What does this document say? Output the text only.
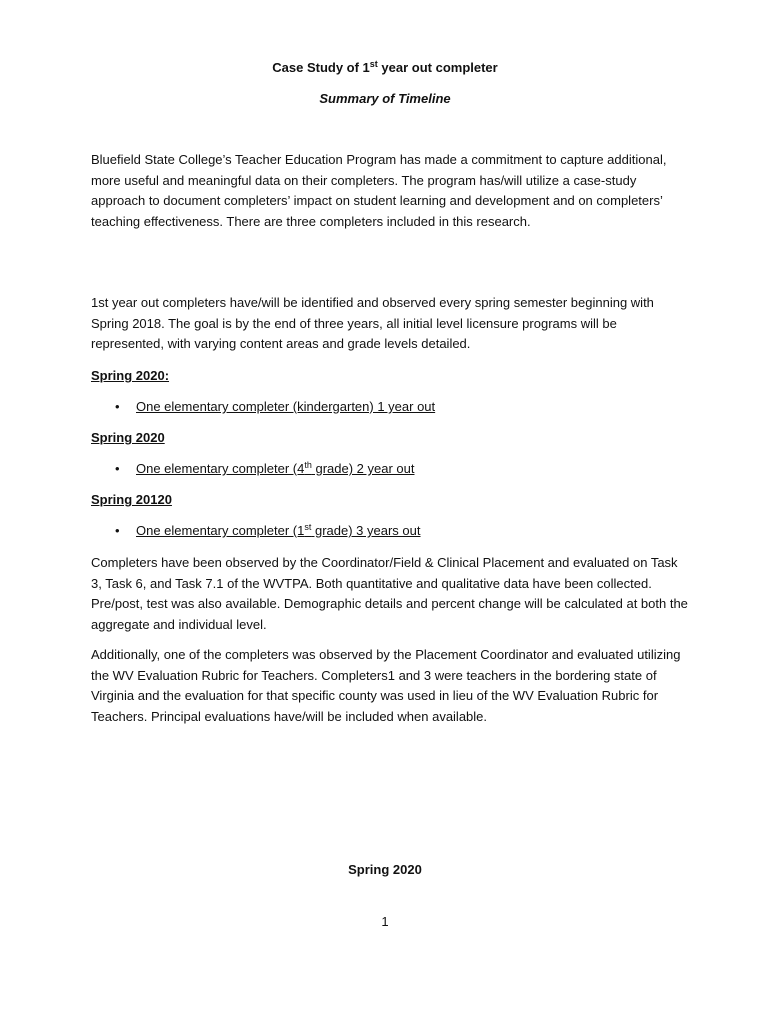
Case Study of 1st year out completer
Summary of Timeline
Bluefield State College’s Teacher Education Program has made a commitment to capture additional, more useful and meaningful data on their completers. The program has/will utilize a case-study approach to document completers’ impact on student learning and development and on completers’ teaching effectiveness. There are three completers included in this research.
1st year out completers have/will be identified and observed every spring semester beginning with Spring 2018. The goal is by the end of three years, all initial level licensure programs will be represented, with varying content areas and grade levels detailed.
Spring 2020:
• One elementary completer (kindergarten) 1 year out
Spring 2020
• One elementary completer (4th grade) 2 year out
Spring 20120
• One elementary completer (1st grade) 3 years out
Completers have been observed by the Coordinator/Field & Clinical Placement and evaluated on Task 3, Task 6, and Task 7.1 of the WVTPA. Both quantitative and qualitative data have been collected. Pre/post, test was also available. Demographic details and percent change will be calculated at both the aggregate and individual level.
Additionally, one of the completers was observed by the Placement Coordinator and evaluated utilizing the WV Evaluation Rubric for Teachers. Completers1 and 3 were teachers in the bordering state of Virginia and the evaluation for that specific county was used in lieu of the WV Evaluation Rubric for Teachers. Principal evaluations have/will be included when available.
Spring 2020
1
